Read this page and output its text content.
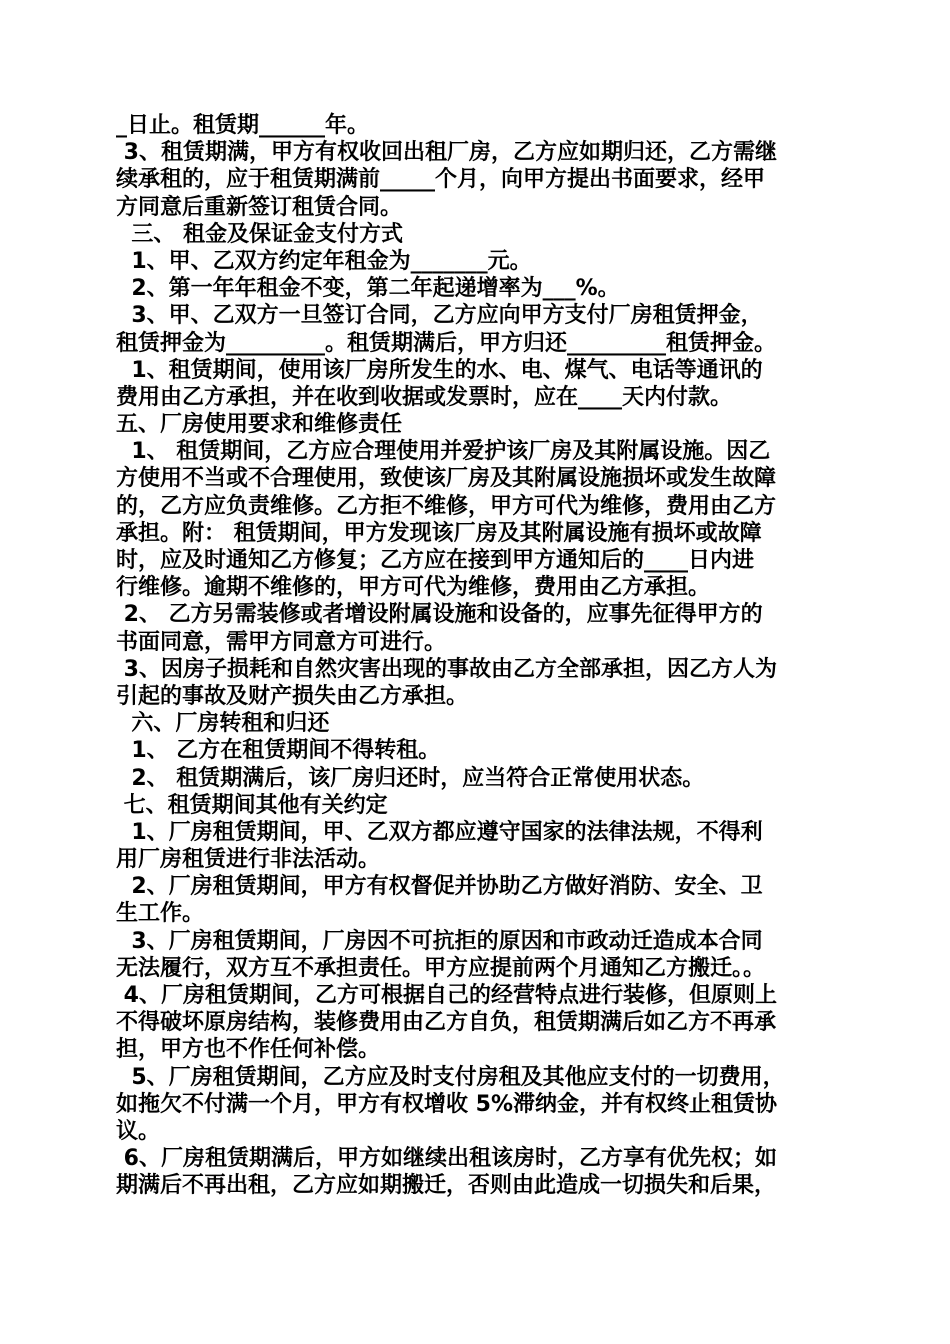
_日止。租赁期______年。
3、租赁期满，甲方有权收回出租厂房，乙方应如期归还，乙方需继
续承租的，应于租赁期满前_____个月，向甲方提出书面要求，经甲
方同意后重新签订租赁合同。
三、 租金及保证金支付方式
1、甲、乙双方约定年租金为_______元。
2、第一年年租金不变，第二年起递增率为___%。
3、甲、乙双方一旦签订合同，乙方应向甲方支付厂房租赁押金，
租赁押金为_________。租赁期满后，甲方归还_________租赁押金。
1、租赁期间，使用该厂房所发生的水、电、煤气、电话等通讯的
费用由乙方承担，并在收到收据或发票时，应在____天内付款。
五、厂房使用要求和维修责任
1、 租赁期间，乙方应合理使用并爱护该厂房及其附属设施。因乙
方使用不当或不合理使用，致使该厂房及其附属设施损坏或发生故障
的，乙方应负责维修。乙方拒不维修，甲方可代为维修，费用由乙方
承担。附： 租赁期间，甲方发现该厂房及其附属设施有损坏或故障
时，应及时通知乙方修复；乙方应在接到甲方通知后的____日内进
行维修。逾期不维修的，甲方可代为维修，费用由乙方承担。
2、 乙方另需装修或者增设附属设施和设备的，应事先征得甲方的
书面同意，需甲方同意方可进行。
3、因房子损耗和自然灾害出现的事故由乙方全部承担，因乙方人为
引起的事故及财产损失由乙方承担。
六、厂房转租和归还
1、 乙方在租赁期间不得转租。
2、 租赁期满后，该厂房归还时，应当符合正常使用状态。
七、租赁期间其他有关约定
1、厂房租赁期间，甲、乙双方都应遵守国家的法律法规，不得利
用厂房租赁进行非法活动。
2、厂房租赁期间，甲方有权督促并协助乙方做好消防、安全、卫
生工作。
3、厂房租赁期间，厂房因不可抗拒的原因和市政动迁造成本合同
无法履行，双方互不承担责任。甲方应提前两个月通知乙方搬迁。。
4、厂房租赁期间，乙方可根据自己的经营特点进行装修，但原则上
不得破坏原房结构，装修费用由乙方自负，租赁期满后如乙方不再承
担，甲方也不作任何补偿。
5、厂房租赁期间，乙方应及时支付房租及其他应支付的一切费用，
如拖欠不付满一个月，甲方有权增收 5%滞纳金，并有权终止租赁协
议。
6、厂房租赁期满后，甲方如继续出租该房时，乙方享有优先权；如
期满后不再出租，乙方应如期搬迁，否则由此造成一切损失和后果，
